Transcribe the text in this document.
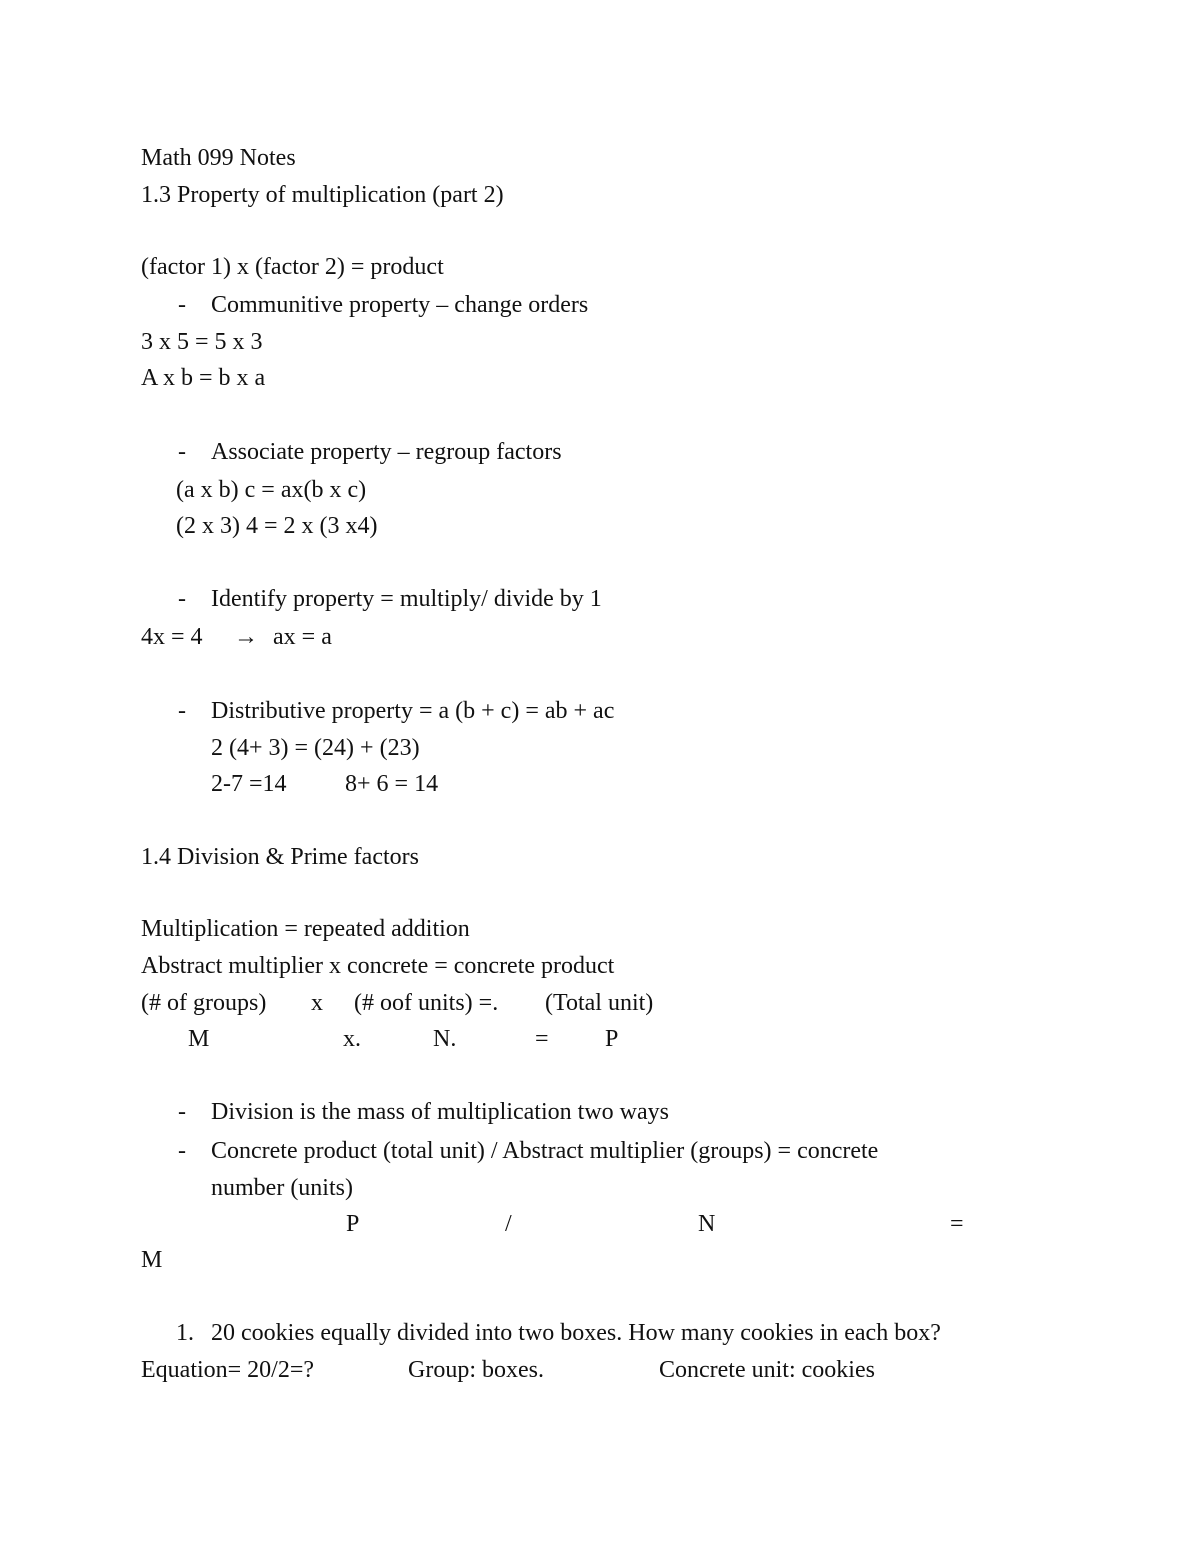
Math 099 Notes
1.3 Property of multiplication (part 2)
(factor 1) x (factor 2) = product
- Communitive property – change orders
3 x 5 = 5 x 3
A x b = b x a
- Associate property – regroup factors
(a x b) c = ax(b x c)
(2 x 3) 4 = 2 x (3 x4)
- Identify property = multiply/ divide by 1
4x = 4 → ax = a
- Distributive property = a (b + c) = ab + ac
2 (4+ 3) = (24) + (23)
2-7 =14 8+ 6 = 14
1.4 Division & Prime factors
Multiplication = repeated addition
Abstract multiplier x concrete = concrete product
(# of groups) x (# oof units) =. (Total unit)
M	x.	N.	= P
- Division is the mass of multiplication two ways
- Concrete product (total unit) / Abstract multiplier (groups) = concrete
number (units)
P	/	N	=
M
1. 20 cookies equally divided into two boxes. How many cookies in each box?
Equation= 20/2=?	Group: boxes.	Concrete unit: cookies
